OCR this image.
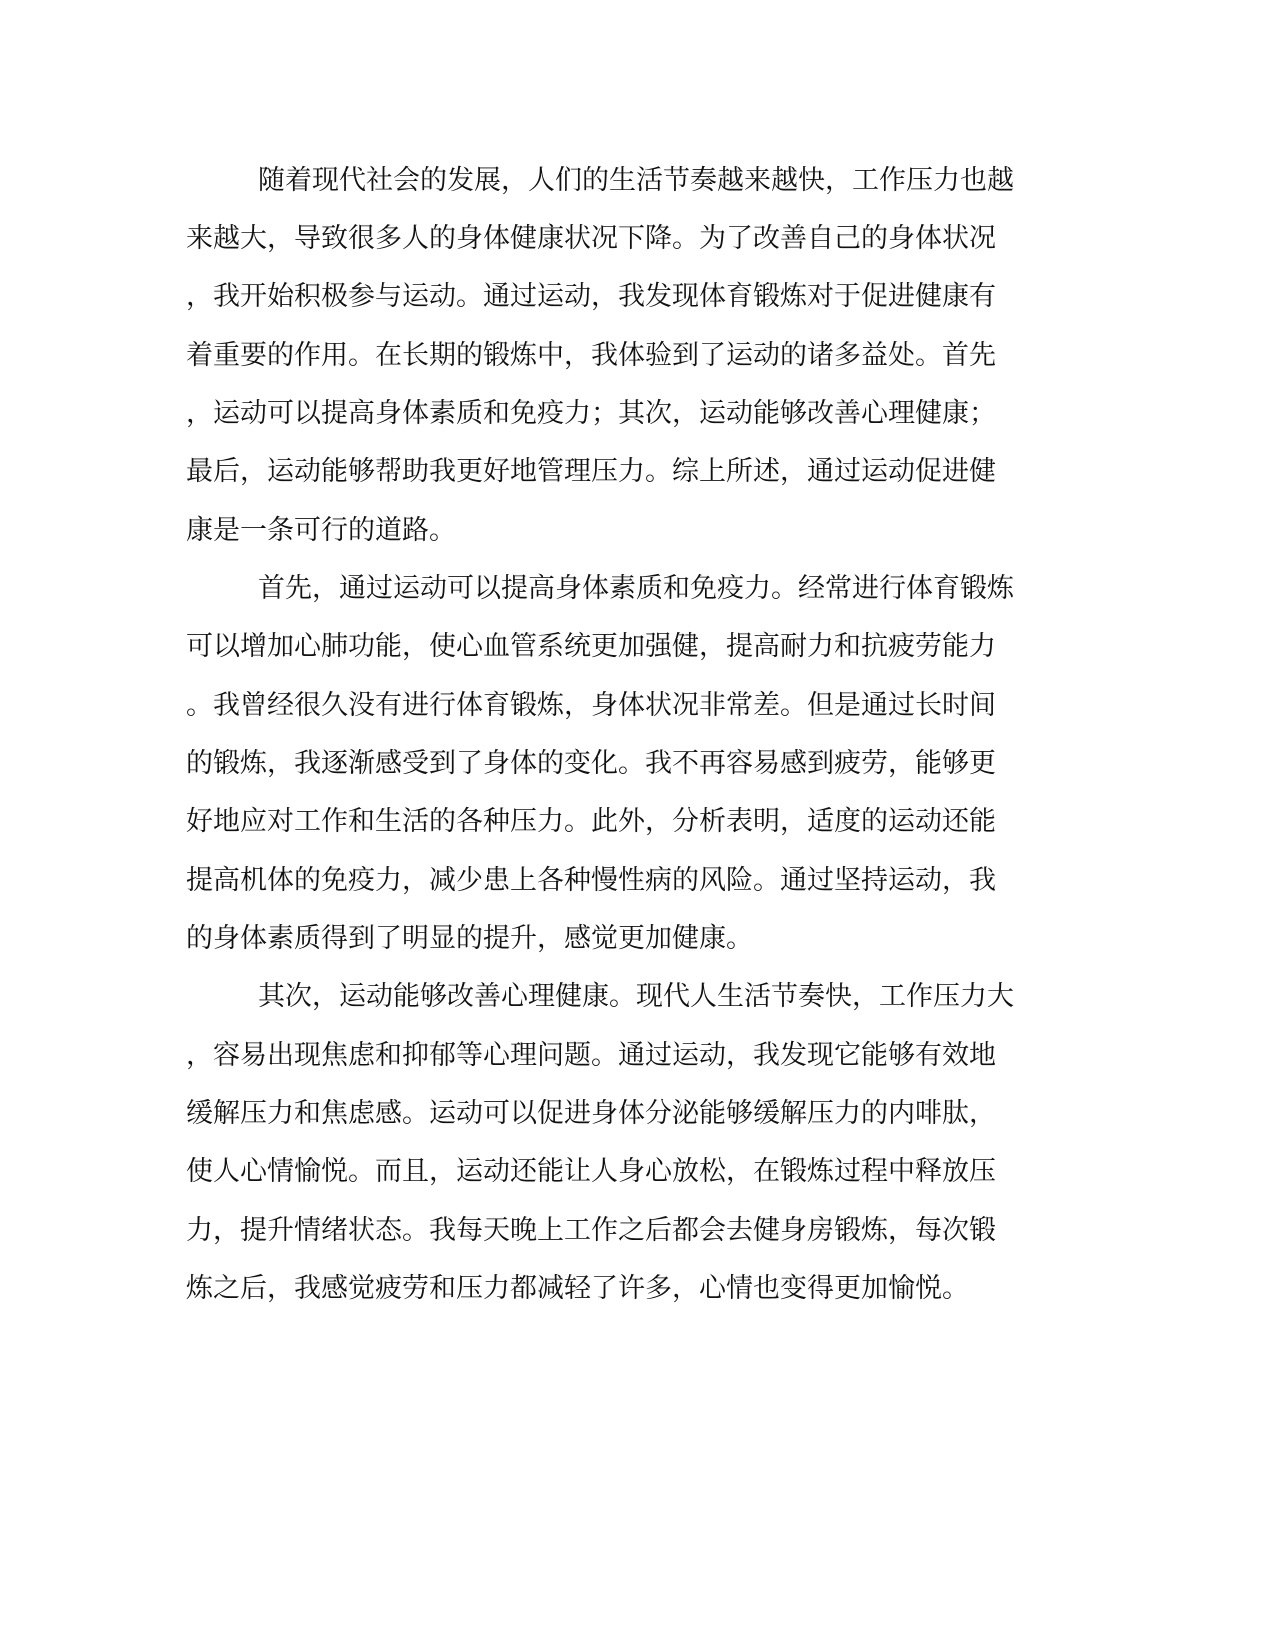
随着现代社会的发展，人们的生活节奏越来越快，工作压力也越
来越大，导致很多人的身体健康状况下降。为了改善自己的身体状况
，我开始积极参与运动。通过运动，我发现体育锻炼对于促进健康有
着重要的作用。在长期的锻炼中，我体验到了运动的诸多益处。首先
，运动可以提高身体素质和免疫力；其次，运动能够改善心理健康；
最后，运动能够帮助我更好地管理压力。综上所述，通过运动促进健
康是一条可行的道路。
首先，通过运动可以提高身体素质和免疫力。经常进行体育锻炼
可以增加心肺功能，使心血管系统更加强健，提高耐力和抗疲劳能力
。我曾经很久没有进行体育锻炼，身体状况非常差。但是通过长时间
的锻炼，我逐渐感受到了身体的变化。我不再容易感到疲劳，能够更
好地应对工作和生活的各种压力。此外，分析表明，适度的运动还能
提高机体的免疫力，减少患上各种慢性病的风险。通过坚持运动，我
的身体素质得到了明显的提升，感觉更加健康。
其次，运动能够改善心理健康。现代人生活节奏快，工作压力大
，容易出现焦虑和抑郁等心理问题。通过运动，我发现它能够有效地
缓解压力和焦虑感。运动可以促进身体分泌能够缓解压力的内啡肽，
使人心情愉悦。而且，运动还能让人身心放松，在锻炼过程中释放压
力，提升情绪状态。我每天晚上工作之后都会去健身房锻炼，每次锻
炼之后，我感觉疲劳和压力都减轻了许多，心情也变得更加愉悦。
